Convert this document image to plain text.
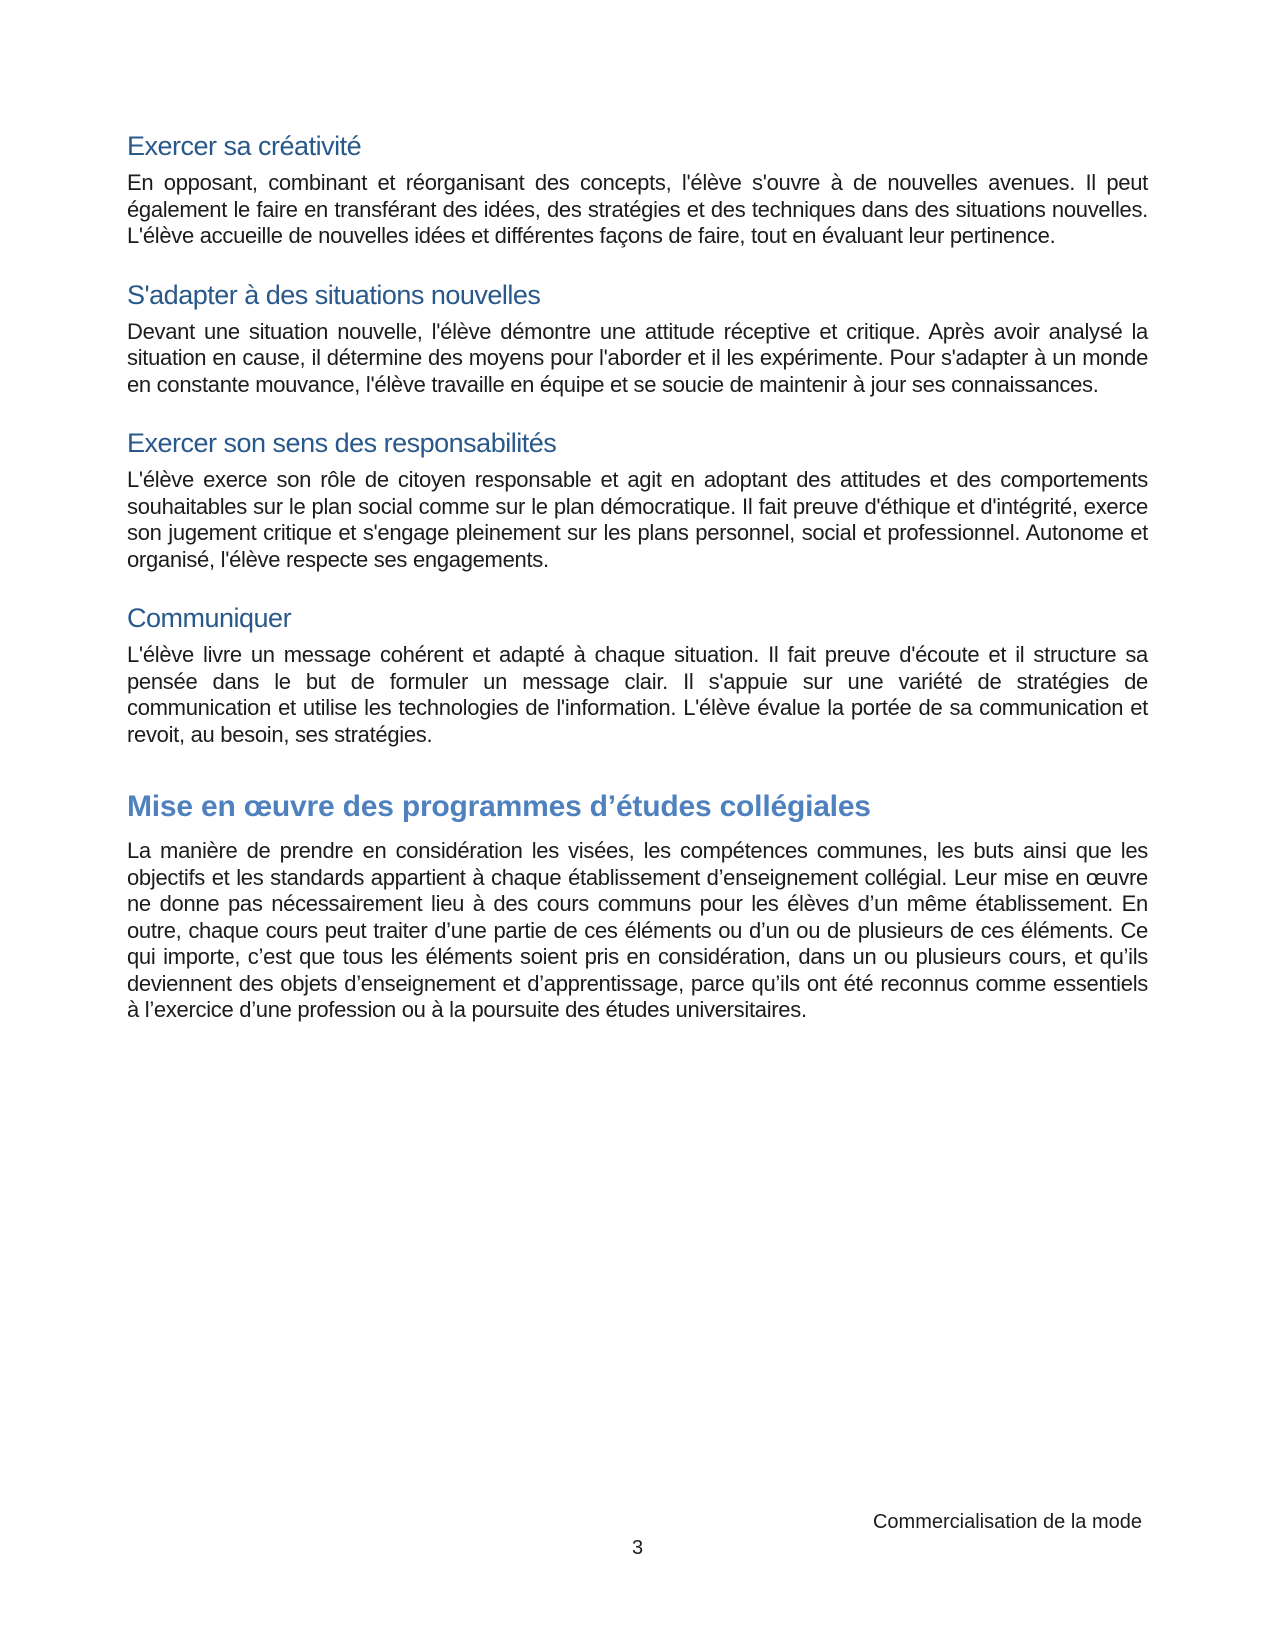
Exercer sa créativité

En opposant, combinant et réorganisant des concepts, l'élève s'ouvre à de nouvelles avenues. Il peut également le faire en transférant des idées, des stratégies et des techniques dans des situations nouvelles. L'élève accueille de nouvelles idées et différentes façons de faire, tout en évaluant leur pertinence.

S'adapter à des situations nouvelles

Devant une situation nouvelle, l'élève démontre une attitude réceptive et critique. Après avoir analysé la situation en cause, il détermine des moyens pour l'aborder et il les expérimente. Pour s'adapter à un monde en constante mouvance, l'élève travaille en équipe et se soucie de maintenir à jour ses connaissances.

Exercer son sens des responsabilités

L'élève exerce son rôle de citoyen responsable et agit en adoptant des attitudes et des comportements souhaitables sur le plan social comme sur le plan démocratique. Il fait preuve d'éthique et d'intégrité, exerce son jugement critique et s'engage pleinement sur les plans personnel, social et professionnel. Autonome et organisé, l'élève respecte ses engagements.

Communiquer

L'élève livre un message cohérent et adapté à chaque situation. Il fait preuve d'écoute et il structure sa pensée dans le but de formuler un message clair. Il s'appuie sur une variété de stratégies de communication et utilise les technologies de l'information. L'élève évalue la portée de sa communication et revoit, au besoin, ses stratégies.

Mise en œuvre des programmes d’études collégiales

La manière de prendre en considération les visées, les compétences communes, les buts ainsi que les objectifs et les standards appartient à chaque établissement d’enseignement collégial. Leur mise en œuvre ne donne pas nécessairement lieu à des cours communs pour les élèves d’un même établissement. En outre, chaque cours peut traiter d’une partie de ces éléments ou d’un ou de plusieurs de ces éléments. Ce qui importe, c’est que tous les éléments soient pris en considération, dans un ou plusieurs cours, et qu’ils deviennent des objets d’enseignement et d’apprentissage, parce qu’ils ont été reconnus comme essentiels à l’exercice d’une profession ou à la poursuite des études universitaires.

Commercialisation de la mode
3
